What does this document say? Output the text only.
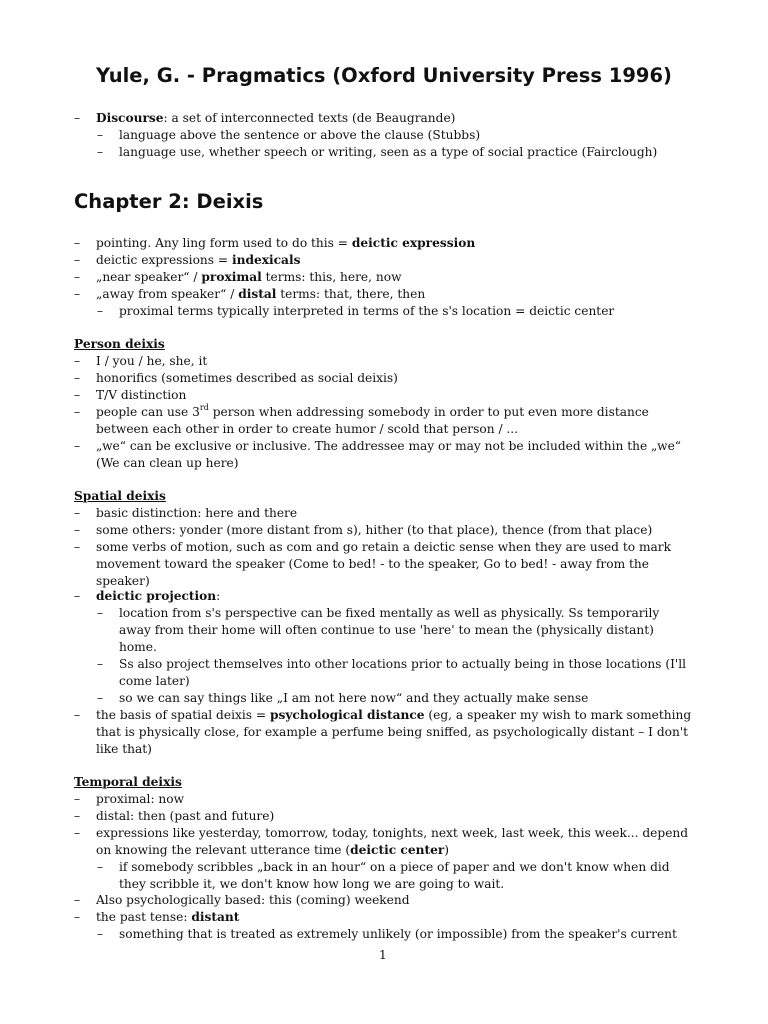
Yule, G. - Pragmatics (Oxford University Press 1996)
– Discourse: a set of interconnected texts (de Beaugrande)
– language above the sentence or above the clause (Stubbs)
– language use, whether speech or writing, seen as a type of social practice (Fairclough)
– pointing. Any ling form used to do this = deictic expression
– deictic expressions = indexicals
– „near speaker“ / proximal terms: this, here, now
– „away from speaker“ / distal terms: that, there, then
– proximal terms typically interpreted in terms of the s's location = deictic center
Person deixis
– I / you / he, she, it
– honorifics (sometimes described as social deixis)
– T/V distinction
– people can use 3rd person when addressing somebody in order to put even more distance
between each other in order to create humor / scold that person / ...
– „we“ can be exclusive or inclusive. The addressee may or may not be included within the „we“
(We can clean up here)
Spatial deixis
– basic distinction: here and there
– some others: yonder (more distant from s), hither (to that place), thence (from that place)
– some verbs of motion, such as com and go retain a deictic sense when they are used to mark
movement toward the speaker (Come to bed! - to the speaker, Go to bed! - away from the
speaker)
– deictic projection:
– location from s's perspective can be fixed mentally as well as physically. Ss temporarily
away from their home will often continue to use 'here' to mean the (physically distant)
home.
– Ss also project themselves into other locations prior to actually being in those locations (I'll
come later)
– so we can say things like „I am not here now“ and they actually make sense
– the basis of spatial deixis = psychological distance (eg, a speaker my wish to mark something
that is physically close, for example a perfume being sniffed, as psychologically distant – I don't
like that)
Temporal deixis
– proximal: now
– distal: then (past and future)
– expressions like yesterday, tomorrow, today, tonights, next week, last week, this week... depend
on knowing the relevant utterance time (deictic center)
– if somebody scribbles „back in an hour“ on a piece of paper and we don't know when did
they scribble it, we don't know how long we are going to wait.
– Also psychologically based: this (coming) weekend
– the past tense: distant
– something that is treated as extremely unlikely (or impossible) from the speaker's current
Chapter 2: Deixis
1
